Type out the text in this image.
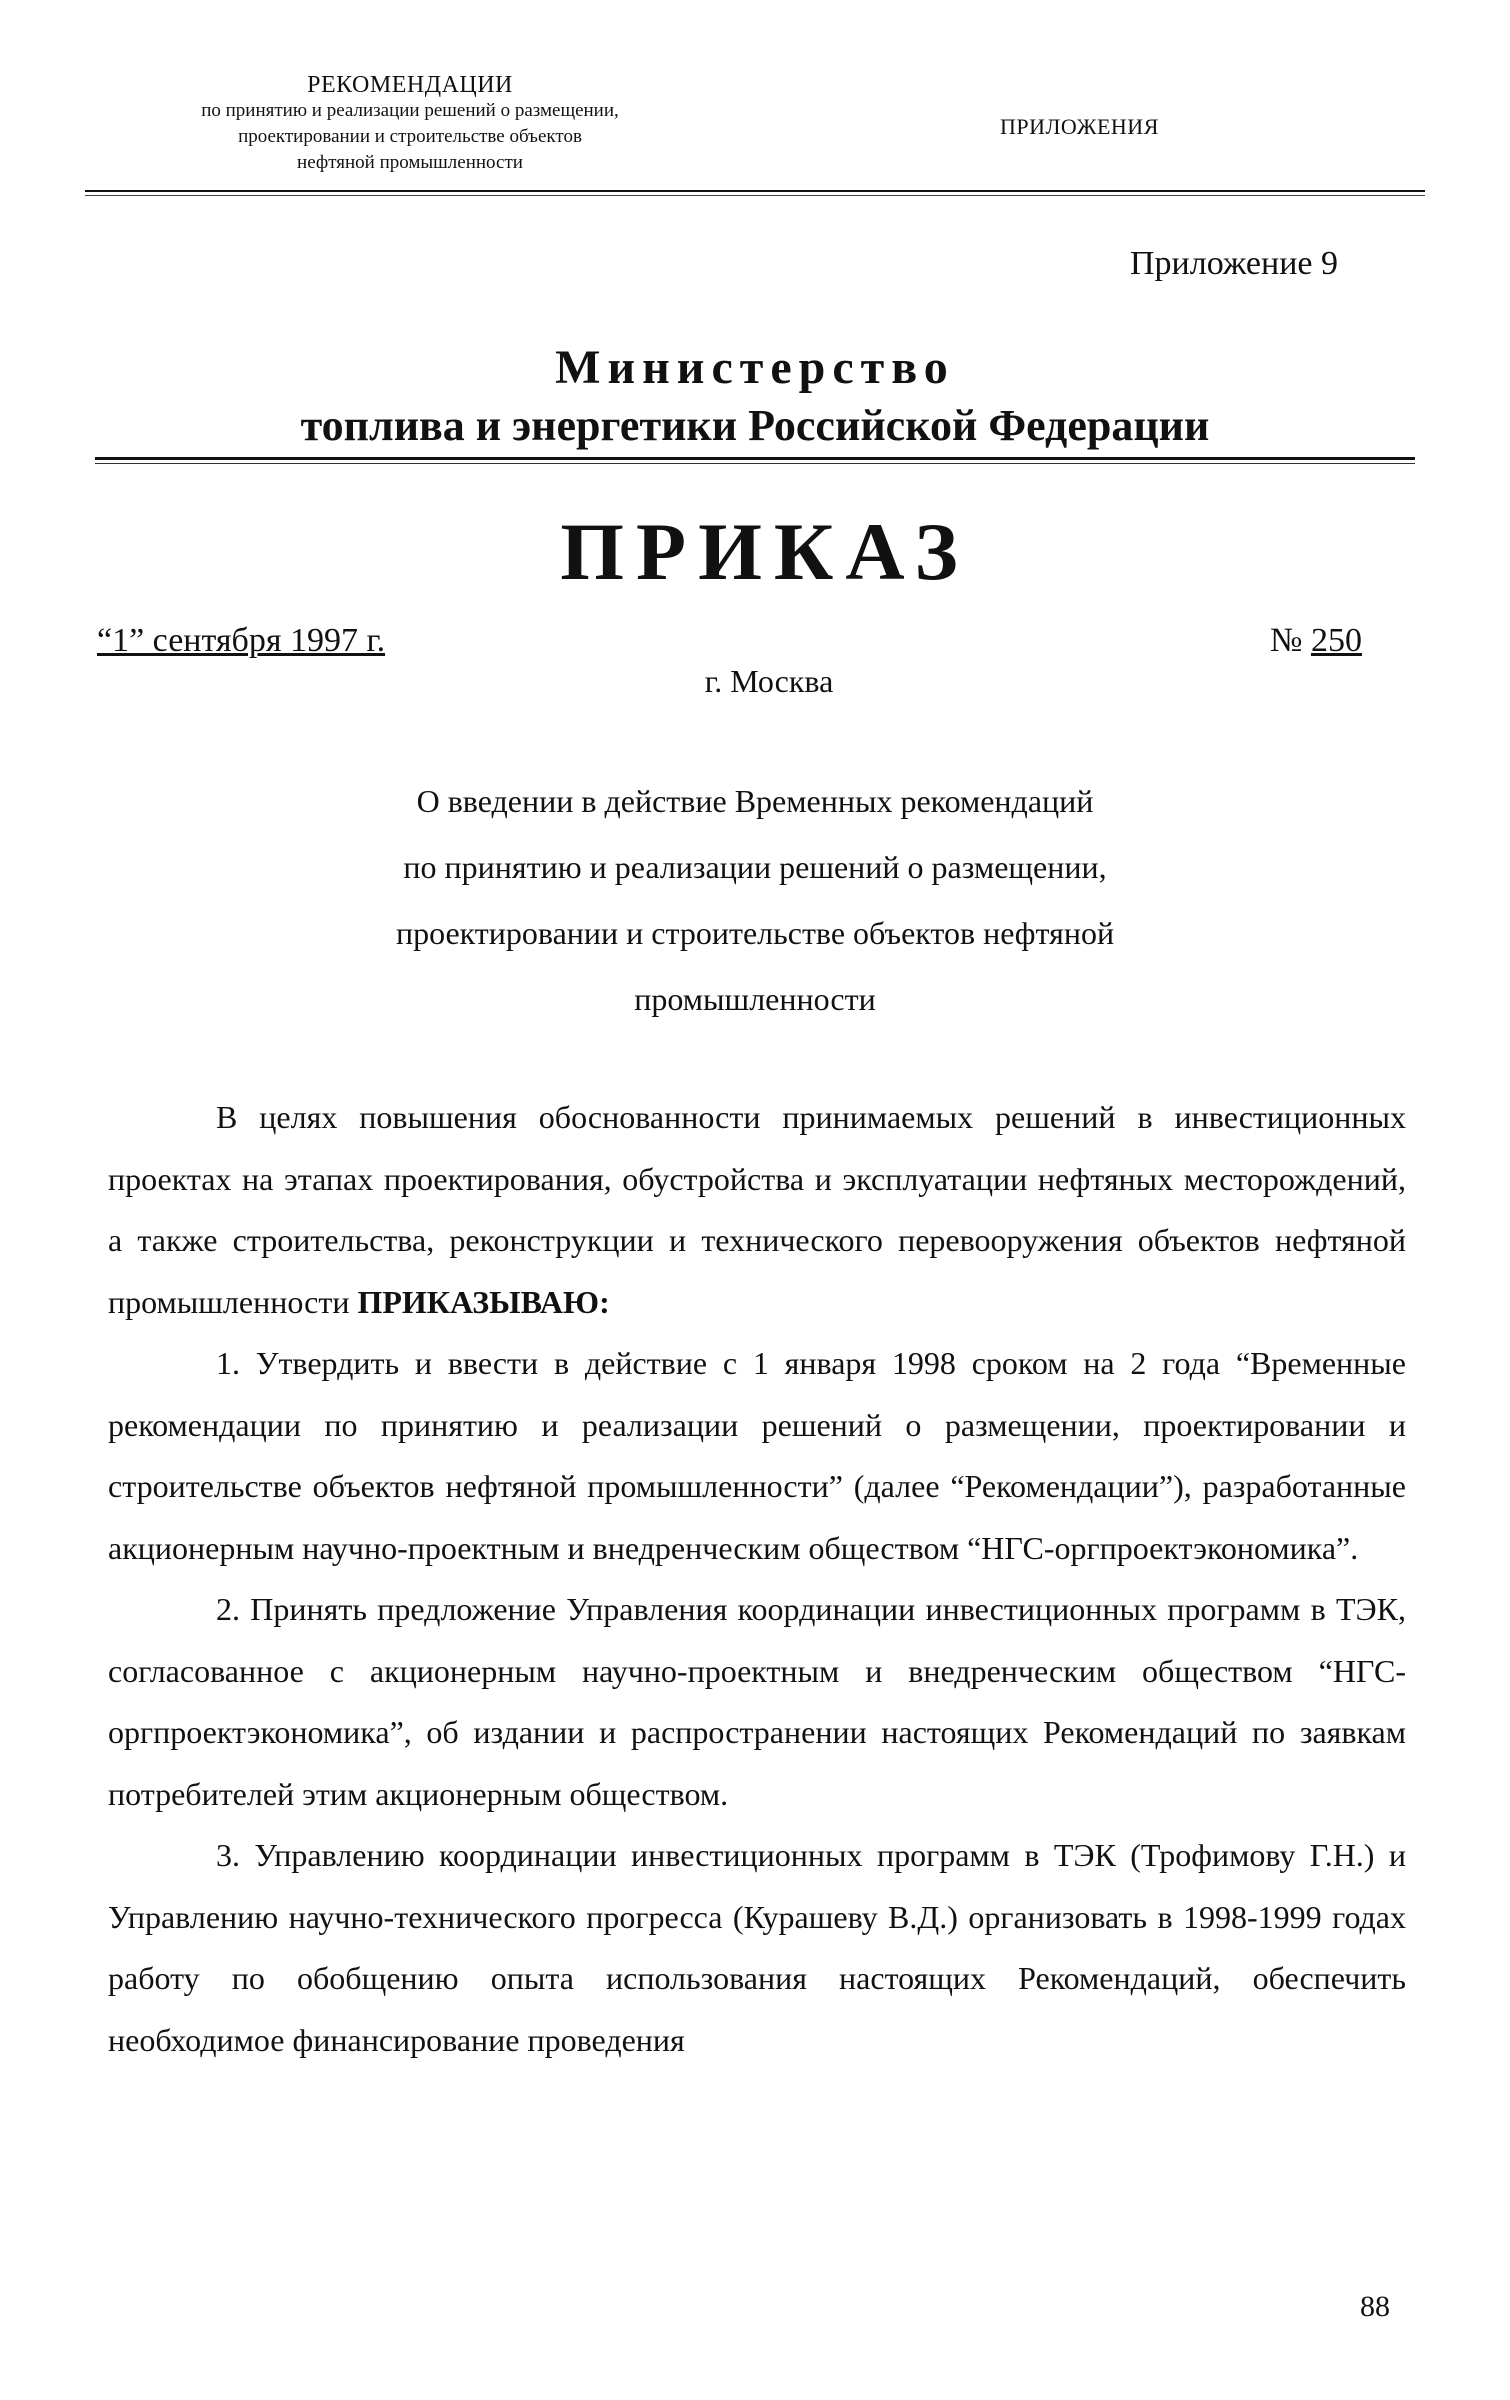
РЕКОМЕНДАЦИИ
по принятию и реализации решений о размещении,
проектировании и строительстве объектов
нефтяной промышленности
ПРИЛОЖЕНИЯ
Приложение 9
Министерство
топлива и энергетики Российской Федерации
ПРИКАЗ
“1” сентября 1997 г.	№ 250
г. Москва
О введении в действие Временных рекомендаций
по принятию и реализации решений о размещении,
проектировании и строительстве объектов нефтяной
промышленности

В целях повышения обоснованности принимаемых решений в инвестиционных проектах на этапах проектирования, обустройства и эксплуатации нефтяных месторождений, а также строительства, реконструкции и технического перевооружения объектов нефтяной промышленности ПРИКАЗЫВАЮ:

1. Утвердить и ввести в действие с 1 января 1998 сроком на 2 года “Временные рекомендации по принятию и реализации решений о размещении, проектировании и строительстве объектов нефтяной промышленности” (далее “Рекомендации”), разработанные акционерным научно-проектным и внедренческим обществом “НГС-оргпроектэкономика”.

2. Принять предложение Управления координации инвестиционных программ в ТЭК, согласованное с акционерным научно-проектным и внедренческим обществом “НГС-оргпроектэкономика”, об издании и распространении настоящих Рекомендаций по заявкам потребителей этим акционерным обществом.

3. Управлению координации инвестиционных программ в ТЭК (Трофимову Г.Н.) и Управлению научно-технического прогресса (Курашеву В.Д.) организовать в 1998-1999 годах работу по обобщению опыта использования настоящих Рекомендаций, обеспечить необходимое финансирование проведения

88
